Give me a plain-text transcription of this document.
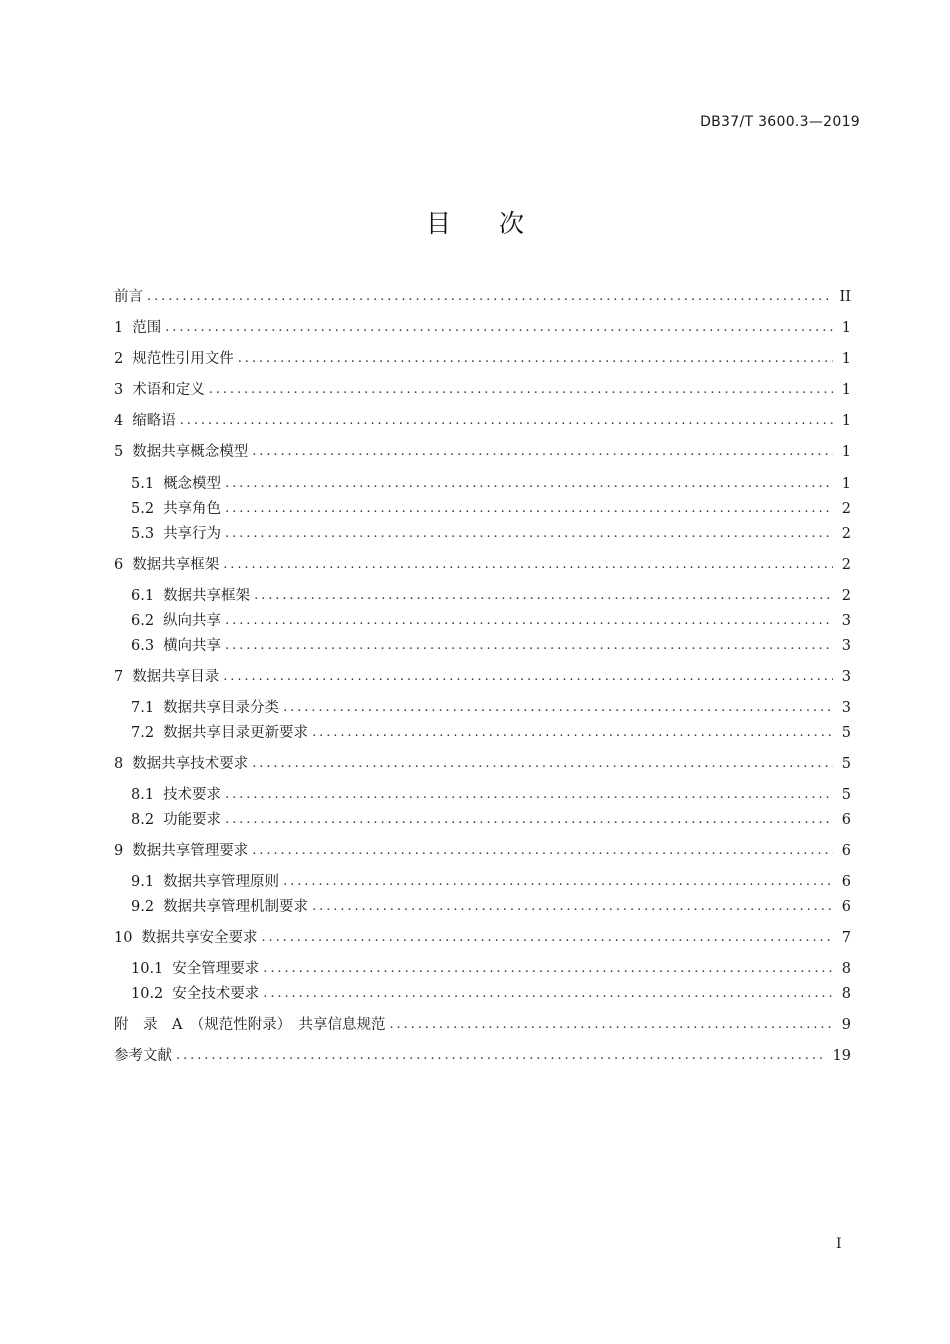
DB37/T 3600.3—2019
目次
前言 . . .	II
1 范围 . . .	1
2 规范性引用文件 . . .	1
3 术语和定义 . . .	1
4 缩略语 . . .	1
5 数据共享概念模型 . . .	1
5.1 概念模型 . . .	1
5.2 共享角色 . . .	2
5.3 共享行为 . . .	2
6 数据共享框架 . . .	2
6.1 数据共享框架 . . .	2
6.2 纵向共享 . . .	3
6.3 横向共享 . . .	3
7 数据共享目录 . . .	3
7.1 数据共享目录分类 . . .	3
7.2 数据共享目录更新要求 . . .	5
8 数据共享技术要求 . . .	5
8.1 技术要求 . . .	5
8.2 功能要求 . . .	6
9 数据共享管理要求 . . .	6
9.1 数据共享管理原则 . . .	6
9.2 数据共享管理机制要求 . . .	6
10 数据共享安全要求 . . .	7
10.1 安全管理要求 . . .	8
10.2 安全技术要求 . . .	8
附　录　A　（规范性附录）　共享信息规范 . . .	9
参考文献 . . .	19
I
